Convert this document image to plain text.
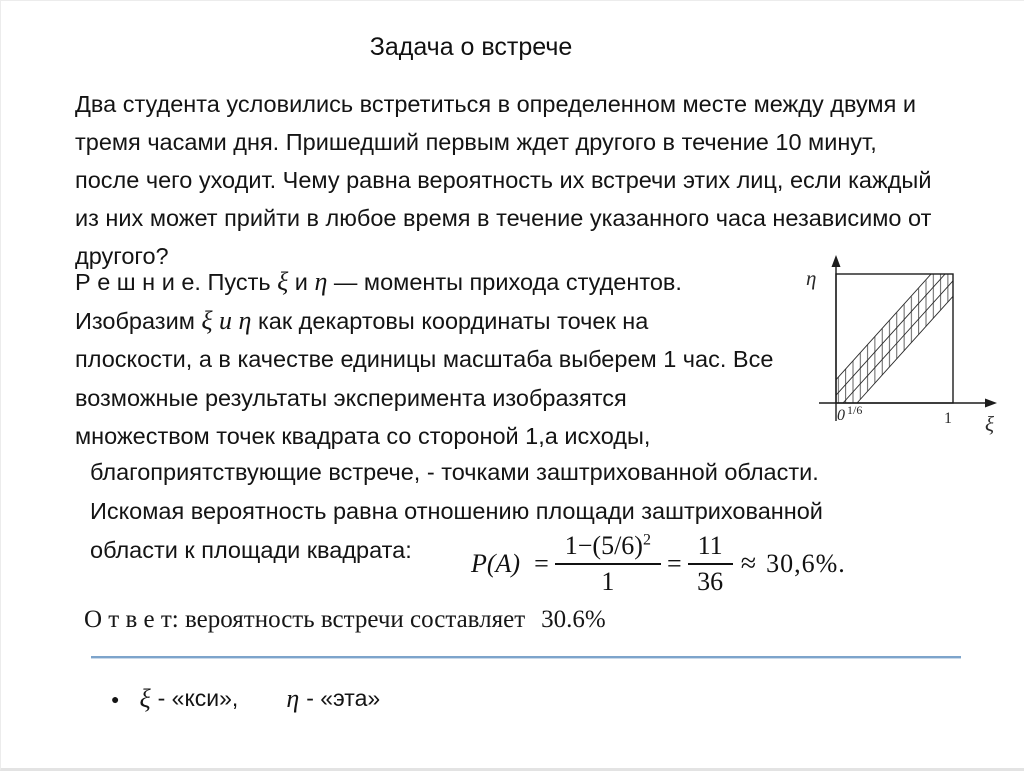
Задача о встрече
Два студента условились встретиться в определенном месте между двумя и
тремя часами дня. Пришедший первым ждет другого в течение 10 минут,
после чего уходит. Чему равна вероятность их встречи этих лиц, если каждый
из них может прийти в любое время в течение указанного часа независимо от
другого?
Р е ш н и е. Пусть ξ и η — моменты прихода студентов.
Изобразим ξ и η как декартовы координаты точек на
плоскости, а в качестве единицы масштаба выберем 1 час. Все
возможные результаты эксперимента изобразятся
множеством точек квадрата со стороной 1,а исходы,
благоприятствующие встрече, - точками заштрихованной области.
Искомая вероятность равна отношению площади заштрихованной
области к площади квадрата:	$P(A) = \frac{1-(5/6)^2}{1} = \frac{11}{36} \approx 30,6\%$.
О т в е т: вероятность встречи составляет 30.6%
● ξ - «кси», η - «эта»
η
ξ
0 1/6	1
